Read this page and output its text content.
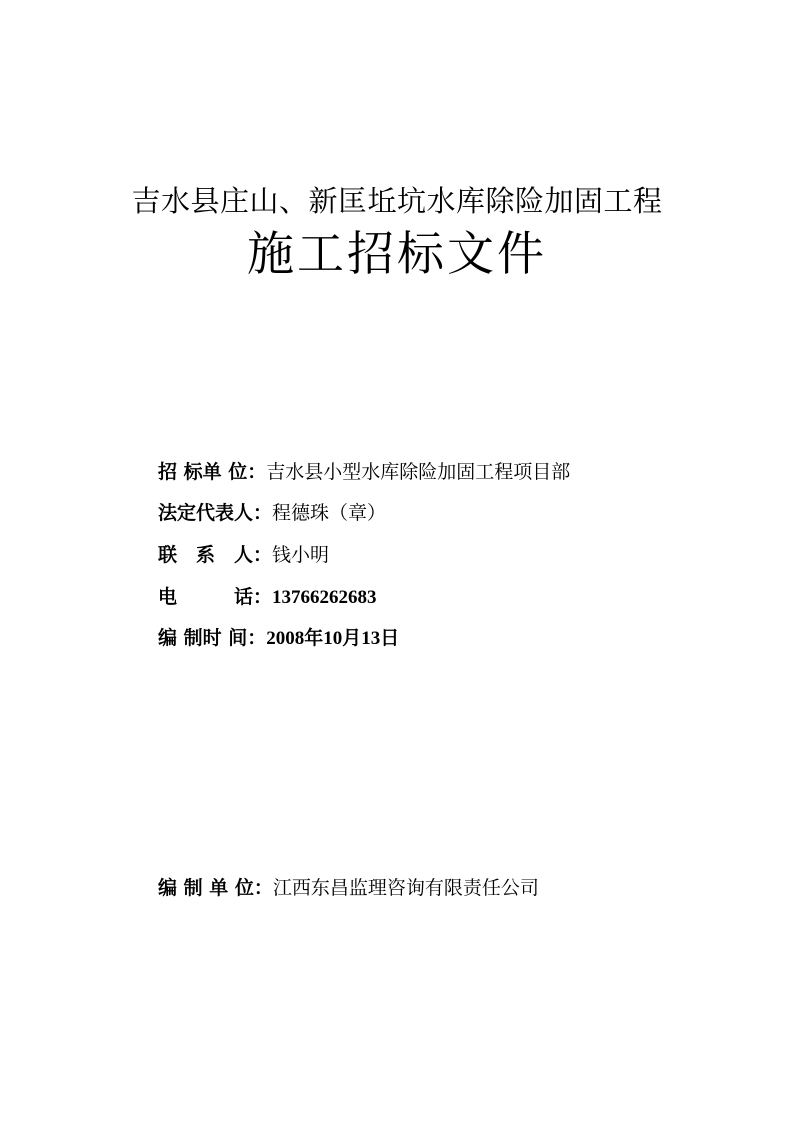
吉水县庄山、新匡坵坑水库除险加固工程
施工招标文件
招 标单 位：吉水县小型水库除险加固工程项目部
法定代表人：程德珠（章）
联　系　人：钱小明
电　　　话：13766262683
编 制时 间：2008年10月13日
编 制 单 位：江西东昌监理咨询有限责任公司
